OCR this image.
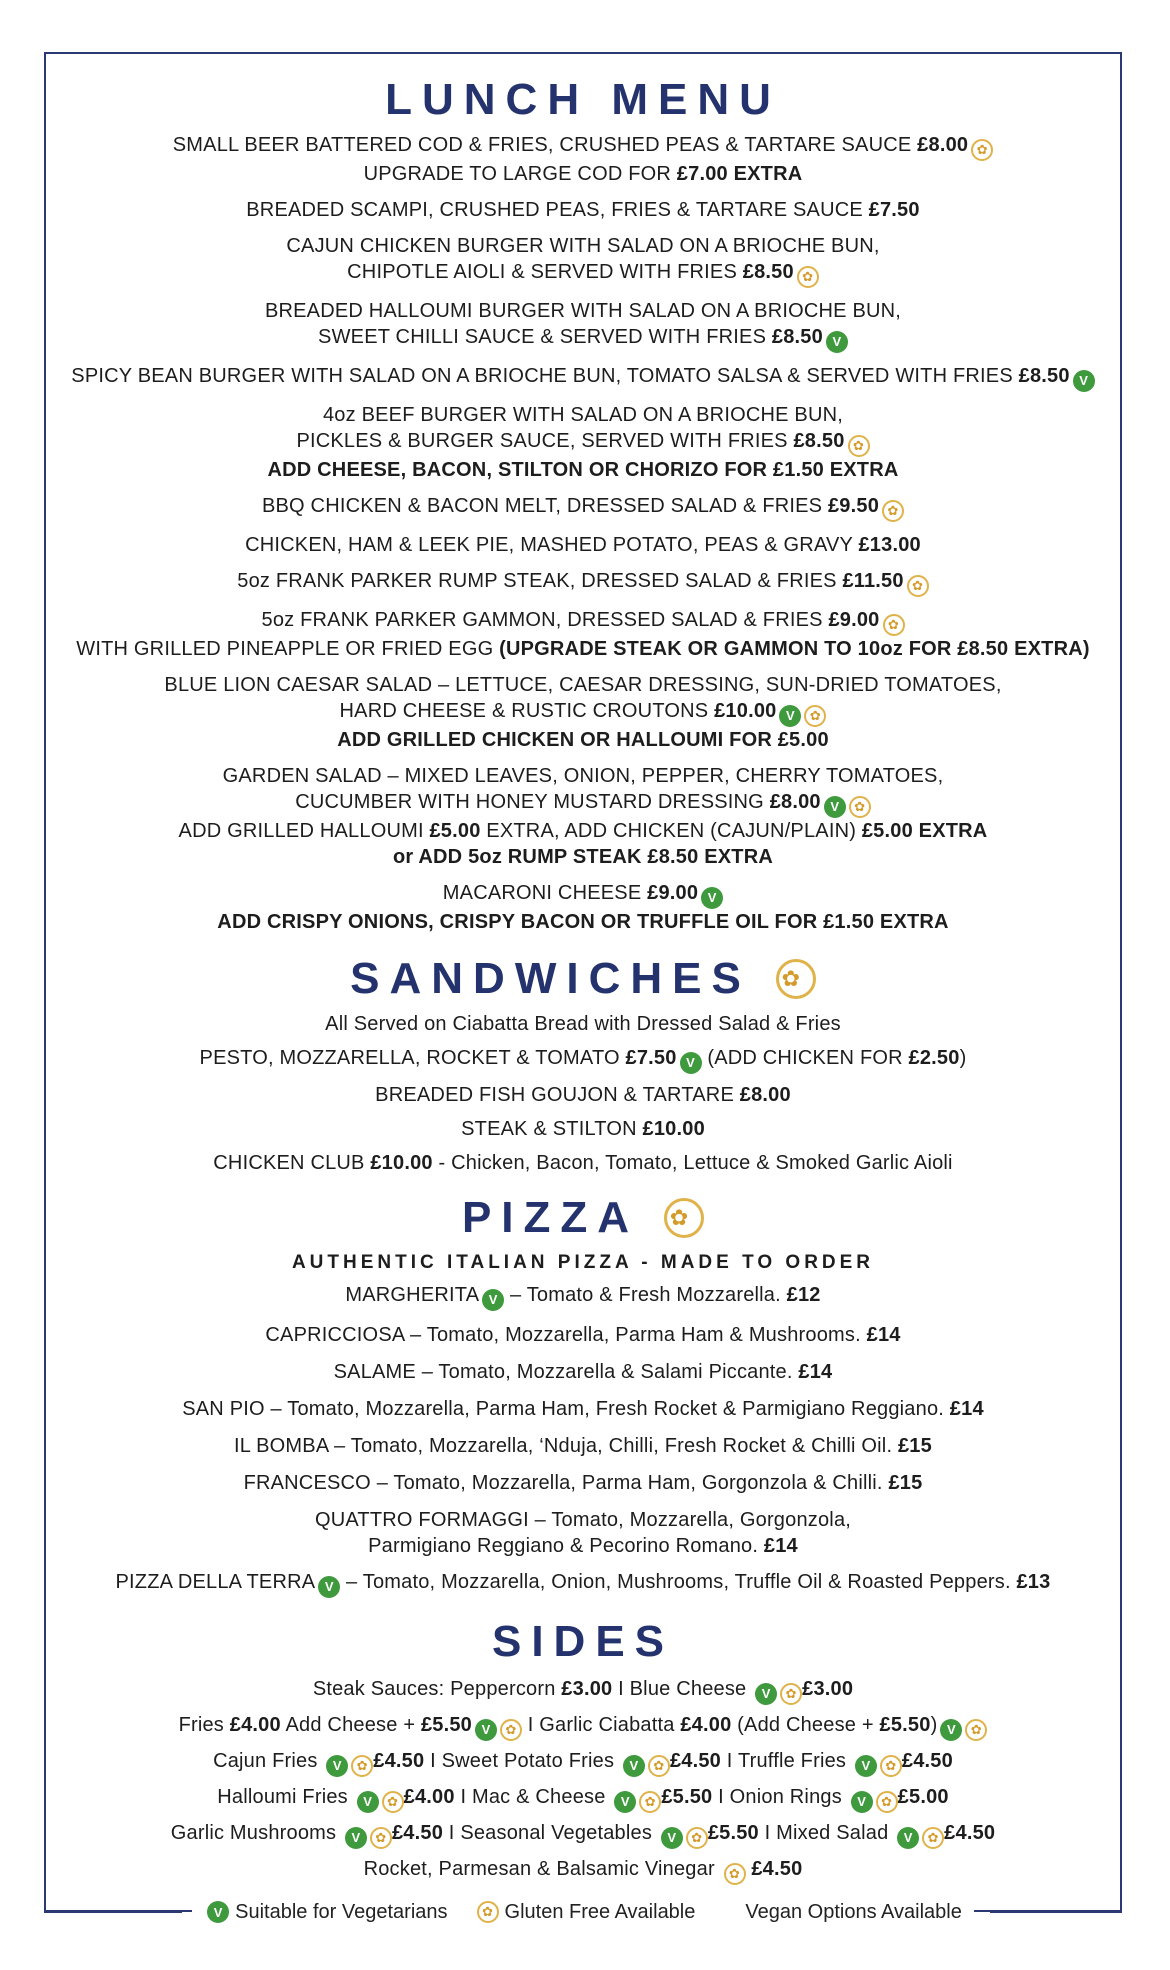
V Suitable for Vegetarians	✿ Gluten Free Available	Vegan Options Available
LUNCH MENU
SMALL BEER BATTERED COD & FRIES, CRUSHED PEAS & TARTARE SAUCE £8.00 ✿
UPGRADE TO LARGE COD FOR £7.00 EXTRA
BREADED SCAMPI, CRUSHED PEAS, FRIES & TARTARE SAUCE £7.50
CAJUN CHICKEN BURGER WITH SALAD ON A BRIOCHE BUN,
CHIPOTLE AIOLI & SERVED WITH FRIES £8.50 ✿
BREADED HALLOUMI BURGER WITH SALAD ON A BRIOCHE BUN,
SWEET CHILLI SAUCE & SERVED WITH FRIES £8.50 V
SPICY BEAN BURGER WITH SALAD ON A BRIOCHE BUN, TOMATO SALSA & SERVED WITH FRIES £8.50 V
4oz BEEF BURGER WITH SALAD ON A BRIOCHE BUN,
PICKLES & BURGER SAUCE, SERVED WITH FRIES £8.50 ✿
ADD CHEESE, BACON, STILTON OR CHORIZO FOR £1.50 EXTRA
BBQ CHICKEN & BACON MELT, DRESSED SALAD & FRIES £9.50 ✿
CHICKEN, HAM & LEEK PIE, MASHED POTATO, PEAS & GRAVY £13.00
5oz FRANK PARKER RUMP STEAK, DRESSED SALAD & FRIES £11.50 ✿
5oz FRANK PARKER GAMMON, DRESSED SALAD & FRIES £9.00 ✿
WITH GRILLED PINEAPPLE OR FRIED EGG (UPGRADE STEAK OR GAMMON TO 10oz FOR £8.50 EXTRA)
BLUE LION CAESAR SALAD – LETTUCE, CAESAR DRESSING, SUN-DRIED TOMATOES,
HARD CHEESE & RUSTIC CROUTONS £10.00 V ✿
ADD GRILLED CHICKEN OR HALLOUMI FOR £5.00
GARDEN SALAD – MIXED LEAVES, ONION, PEPPER, CHERRY TOMATOES,
CUCUMBER WITH HONEY MUSTARD DRESSING £8.00 V ✿
ADD GRILLED HALLOUMI £5.00 EXTRA, ADD CHICKEN (CAJUN/PLAIN) £5.00 EXTRA
or ADD 5oz RUMP STEAK £8.50 EXTRA
MACARONI CHEESE £9.00 V
ADD CRISPY ONIONS, CRISPY BACON OR TRUFFLE OIL FOR £1.50 EXTRA
SANDWICHES ✿
All Served on Ciabatta Bread with Dressed Salad & Fries
PESTO, MOZZARELLA, ROCKET & TOMATO £7.50 V (ADD CHICKEN FOR £2.50)
BREADED FISH GOUJON & TARTARE £8.00
STEAK & STILTON £10.00
CHICKEN CLUB £10.00 - Chicken, Bacon, Tomato, Lettuce & Smoked Garlic Aioli
PIZZA ✿
AUTHENTIC ITALIAN PIZZA - MADE TO ORDER
MARGHERITA V – Tomato & Fresh Mozzarella. £12
CAPRICCIOSA – Tomato, Mozzarella, Parma Ham & Mushrooms. £14
SALAME – Tomato, Mozzarella & Salami Piccante. £14
SAN PIO – Tomato, Mozzarella, Parma Ham, Fresh Rocket & Parmigiano Reggiano. £14
IL BOMBA – Tomato, Mozzarella, ‘Nduja, Chilli, Fresh Rocket & Chilli Oil. £15
FRANCESCO – Tomato, Mozzarella, Parma Ham, Gorgonzola & Chilli. £15
QUATTRO FORMAGGI – Tomato, Mozzarella, Gorgonzola,
Parmigiano Reggiano & Pecorino Romano. £14
PIZZA DELLA TERRA V – Tomato, Mozzarella, Onion, Mushrooms, Truffle Oil & Roasted Peppers. £13
SIDES
Steak Sauces: Peppercorn £3.00 I Blue Cheese V ✿ £3.00
Fries £4.00 Add Cheese + £5.50 V ✿ I Garlic Ciabatta £4.00 (Add Cheese + £5.50) V ✿
Cajun Fries V ✿ £4.50 I Sweet Potato Fries V ✿ £4.50 I Truffle Fries V ✿ £4.50
Halloumi Fries V ✿ £4.00 I Mac & Cheese V ✿ £5.50 I Onion Rings V ✿ £5.00
Garlic Mushrooms V ✿ £4.50 I Seasonal Vegetables V ✿ £5.50 I Mixed Salad V ✿ £4.50
Rocket, Parmesan & Balsamic Vinegar ✿ £4.50
